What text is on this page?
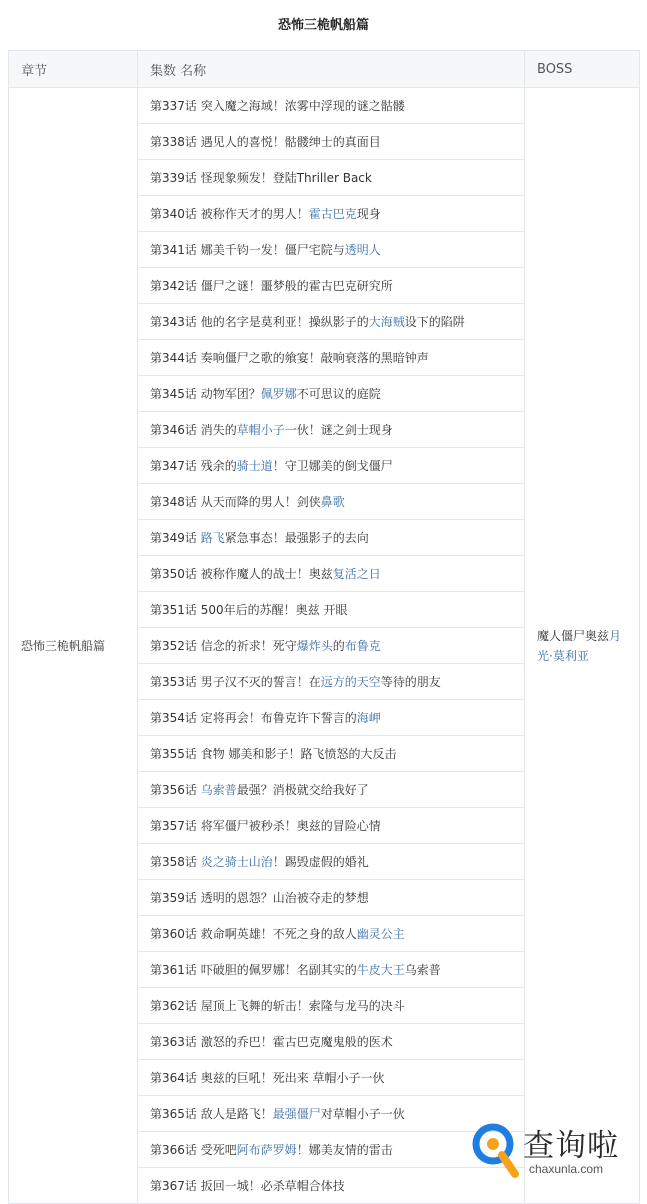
恐怖三桅帆船篇
章节	集数 名称	BOSS
恐怖三桅帆船篇	第337话 突入魔之海域！浓雾中浮现的谜之骷髅	魔人僵尸奥兹月光·莫利亚
	第338话 遇见人的喜悦！骷髅绅士的真面目	
	第339话 怪现象频发！登陆Thriller Back	
	第340话 被称作天才的男人！霍古巴克现身	
	第341话 娜美千钧一发！僵尸宅院与透明人	
	第342话 僵尸之谜！噩梦般的霍古巴克研究所	
	第343话 他的名字是莫利亚！操纵影子的大海贼设下的陷阱	
	第344话 奏响僵尸之歌的飨宴！敲响衰落的黑暗钟声	
	第345话 动物军团？佩罗娜不可思议的庭院	
	第346话 消失的草帽小子一伙！谜之剑士现身	
	第347话 残余的骑士道！守卫娜美的倒戈僵尸	
	第348话 从天而降的男人！剑侠鼻歌	
	第349话 路飞紧急事态！最强影子的去向	
	第350话 被称作魔人的战士！奥兹复活之日	
	第351话 500年后的苏醒！奥兹 开眼	
	第352话 信念的祈求！死守爆炸头的布鲁克	
	第353话 男子汉不灭的誓言！在远方的天空等待的朋友	
	第354话 定将再会！布鲁克许下誓言的海岬	
	第355话 食物 娜美和影子！路飞愤怒的大反击	
	第356话 乌索普最强？消极就交给我好了	
	第357话 将军僵尸被秒杀！奥兹的冒险心情	
	第358话 炎之骑士山治！踢毁虚假的婚礼	
	第359话 透明的恩怨？山治被夺走的梦想	
	第360话 救命啊英雄！不死之身的敌人幽灵公主	
	第361话 吓破胆的佩罗娜！名副其实的牛皮大王乌索普	
	第362话 屋顶上飞舞的斩击！索隆与龙马的决斗	
	第363话 激怒的乔巴！霍古巴克魔鬼般的医术	
	第364话 奥兹的巨吼！死出来 草帽小子一伙	
	第365话 敌人是路飞！最强僵尸对草帽小子一伙	
	第366话 受死吧阿布萨罗姆！娜美友情的雷击	
	第367话 扳回一城！必杀草帽合体技	
查询啦
chaxunla.com
